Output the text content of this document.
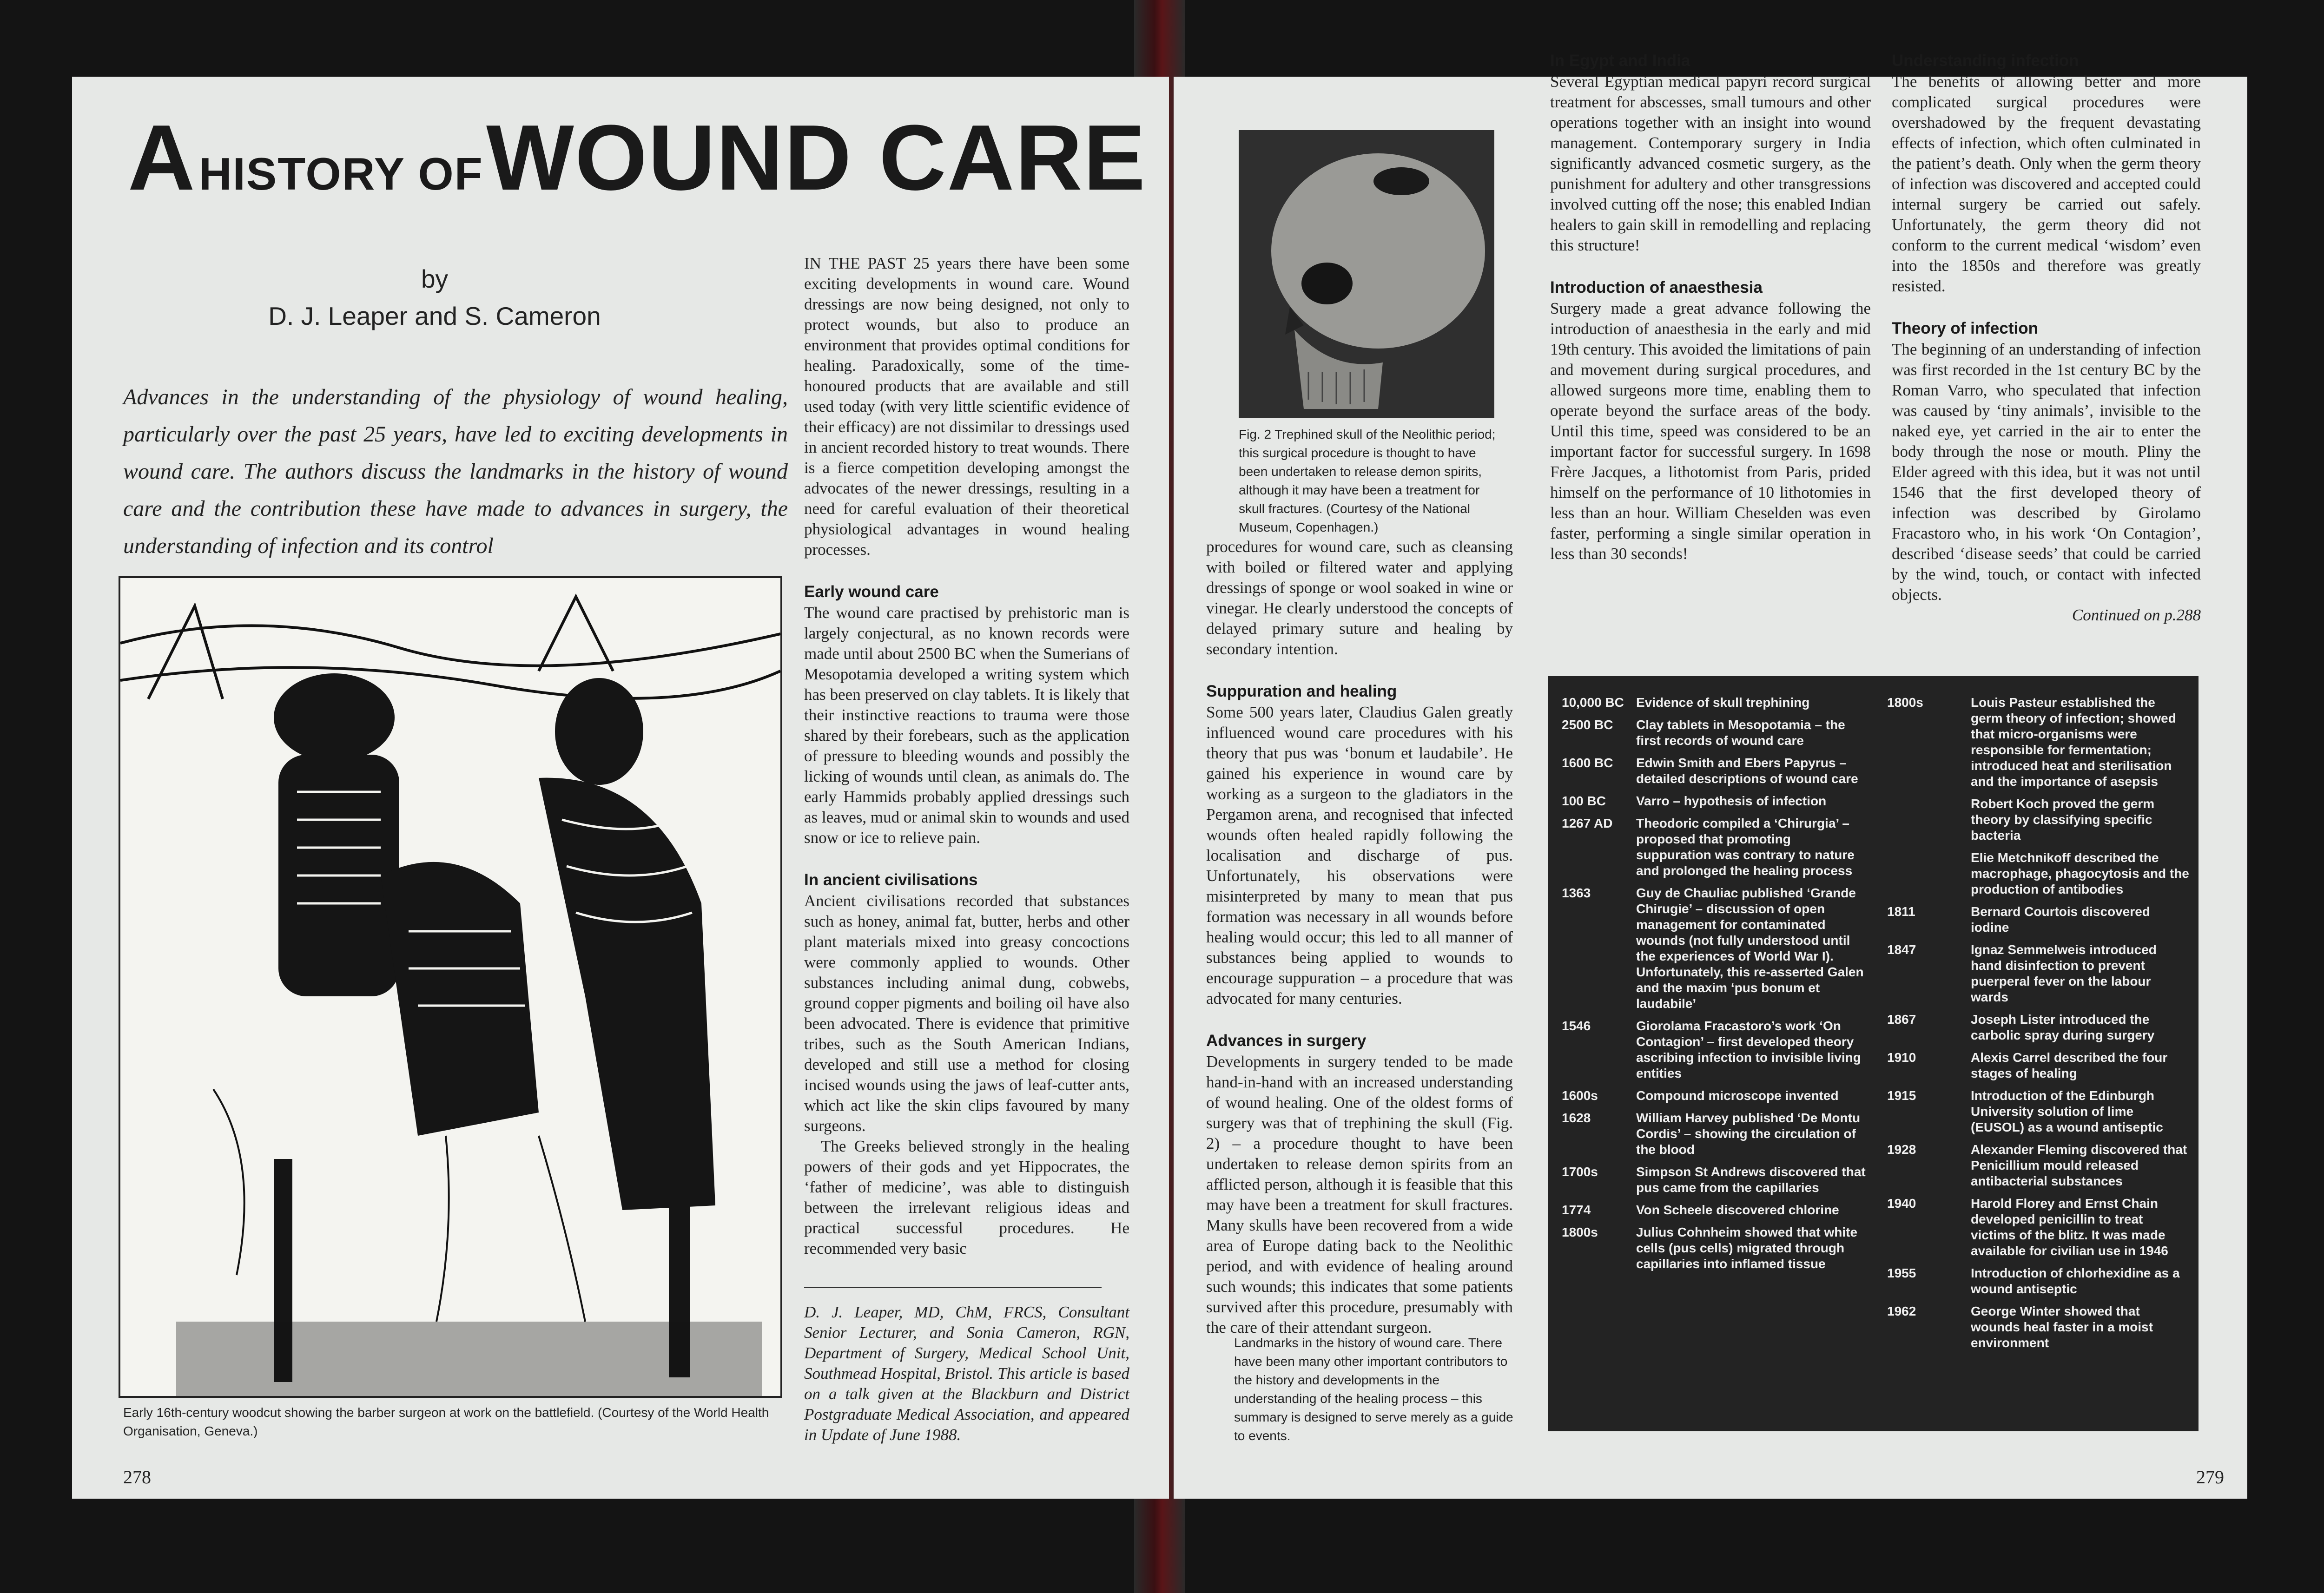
A HISTORY OF WOUND CARE
by
D. J. Leaper and S. Cameron
Advances in the understanding of the physiology of wound healing, particularly over the past 25 years, have led to exciting developments in wound care. The authors discuss the landmarks in the history of wound care and the contribution these have made to advances in surgery, the understanding of infection and its control
Early 16th-century woodcut showing the barber surgeon at work on the battlefield. (Courtesy of the World Health Organisation, Geneva.)

IN THE PAST 25 years there have been some exciting developments in wound care. Wound dressings are now being designed, not only to protect wounds, but also to produce an environment that provides optimal conditions for healing. Paradoxically, some of the time-honoured products that are available and still used today (with very little scientific evidence of their efficacy) are not dissimilar to dressings used in ancient recorded history to treat wounds. There is a fierce competition developing amongst the advocates of the newer dressings, resulting in a need for careful evaluation of their theoretical physiological advantages in wound healing processes.

Early wound care

The wound care practised by prehistoric man is largely conjectural, as no known records were made until about 2500 BC when the Sumerians of Mesopotamia developed a writing system which has been preserved on clay tablets. It is likely that their instinctive reactions to trauma were those shared by their forebears, such as the application of pressure to bleeding wounds and possibly the licking of wounds until clean, as animals do. The early Hammids probably applied dressings such as leaves, mud or animal skin to wounds and used snow or ice to relieve pain.

In ancient civilisations

Ancient civilisations recorded that substances such as honey, animal fat, butter, herbs and other plant materials mixed into greasy concoctions were commonly applied to wounds. Other substances including animal dung, cobwebs, ground copper pigments and boiling oil have also been advocated. There is evidence that primitive tribes, such as the South American Indians, developed and still use a method for closing incised wounds using the jaws of leaf-cutter ants, which act like the skin clips favoured by many surgeons.

The Greeks believed strongly in the healing powers of their gods and yet Hippocrates, the ‘father of medicine’, was able to distinguish between the irrelevant religious ideas and practical successful procedures. He recommended very basic

D. J. Leaper, MD, ChM, FRCS, Consultant Senior Lecturer, and Sonia Cameron, RGN, Department of Surgery, Medical School Unit, Southmead Hospital, Bristol. This article is based on a talk given at the Blackburn and District Postgraduate Medical Association, and appeared in Update of June 1988.

278	279
Fig. 2 Trephined skull of the Neolithic period; this surgical procedure is thought to have been undertaken to release demon spirits, although it may have been a treatment for skull fractures. (Courtesy of the National Museum, Copenhagen.)

procedures for wound care, such as cleansing with boiled or filtered water and applying dressings of sponge or wool soaked in wine or vinegar. He clearly understood the concepts of delayed primary suture and healing by secondary intention.

Suppuration and healing

Some 500 years later, Claudius Galen greatly influenced wound care procedures with his theory that pus was ‘bonum et laudabile’. He gained his experience in wound care by working as a surgeon to the gladiators in the Pergamon arena, and recognised that infected wounds often healed rapidly following the localisation and discharge of pus. Unfortunately, his observations were misinterpreted by many to mean that pus formation was necessary in all wounds before healing would occur; this led to all manner of substances being applied to wounds to encourage suppuration – a procedure that was advocated for many centuries.

Advances in surgery

Developments in surgery tended to be made hand-in-hand with an increased understanding of wound healing. One of the oldest forms of surgery was that of trephining the skull (Fig. 2) – a procedure thought to have been undertaken to release demon spirits from an afflicted person, although it is feasible that this may have been a treatment for skull fractures. Many skulls have been recovered from a wide area of Europe dating back to the Neolithic period, and with evidence of healing around such wounds; this indicates that some patients survived after this procedure, presumably with the care of their attendant surgeon.

Landmarks in the history of wound care. There have been many other important contributors to the history and developments in the understanding of the healing process – this summary is designed to serve merely as a guide to events.
In Egypt and India

Several Egyptian medical papyri record surgical treatment for abscesses, small tumours and other operations together with an insight into wound management. Contemporary surgery in India significantly advanced cosmetic surgery, as the punishment for adultery and other transgressions involved cutting off the nose; this enabled Indian healers to gain skill in remodelling and replacing this structure!

Introduction of anaesthesia

Surgery made a great advance following the introduction of anaesthesia in the early and mid 19th century. This avoided the limitations of pain and movement during surgical procedures, and allowed surgeons more time, enabling them to operate beyond the surface areas of the body. Until this time, speed was considered to be an important factor for successful surgery. In 1698 Frère Jacques, a lithotomist from Paris, prided himself on the performance of 10 lithotomies in less than an hour. William Cheselden was even faster, performing a single similar operation in less than 30 seconds!

Understanding infection

The benefits of allowing better and more complicated surgical procedures were overshadowed by the frequent devastating effects of infection, which often culminated in the patient’s death. Only when the germ theory of infection was discovered and accepted could internal surgery be carried out safely. Unfortunately, the germ theory did not conform to the current medical ‘wisdom’ even into the 1850s and therefore was greatly resisted.

Theory of infection

The beginning of an understanding of infection was first recorded in the 1st century BC by the Roman Varro, who speculated that infection was caused by ‘tiny animals’, invisible to the naked eye, yet carried in the air to enter the body through the nose or mouth. Pliny the Elder agreed with this idea, but it was not until 1546 that the first developed theory of infection was described by Girolamo Fracastoro who, in his work ‘On Contagion’, described ‘disease seeds’ that could be carried by the wind, touch, or contact with infected objects.

Continued on p.288

10,000 BC Evidence of skull trephining
2500 BC	Clay tablets in Mesopotamia – the first records of wound care
1600 BC	Edwin Smith and Ebers Papyrus – detailed descriptions of wound care
100 BC	Varro – hypothesis of infection
1267 AD	Theodoric compiled a ‘Chirurgia’ – proposed that promoting suppuration was contrary to nature and prolonged the healing process
1363	Guy de Chauliac published ‘Grande Chirugie’ – discussion of open management for contaminated wounds (not fully understood until the experiences of World War I). Unfortunately, this re-asserted Galen and the maxim ‘pus bonum et laudabile’
1546	Giorolama Fracastoro’s work ‘On Contagion’ – first developed theory ascribing infection to invisible living entities
1600s	Compound microscope invented
1628	William Harvey published ‘De Montu Cordis’ – showing the circulation of the blood
1700s	Simpson St Andrews discovered that pus came from the capillaries
1774	Von Scheele discovered chlorine
1800s	Julius Cohnheim showed that white cells (pus cells) migrated through capillaries into inflamed tissue
1800s	Louis Pasteur established the germ theory of infection; showed that micro-organisms were responsible for fermentation; introduced heat and sterilisation and the importance of asepsis
Robert Koch proved the germ theory by classifying specific bacteria
Elie Metchnikoff described the macrophage, phagocytosis and the production of antibodies
1811	Bernard Courtois discovered iodine
1847	Ignaz Semmelweis introduced hand disinfection to prevent puerperal fever on the labour wards
1867	Joseph Lister introduced the carbolic spray during surgery
1910	Alexis Carrel described the four stages of healing
1915	Introduction of the Edinburgh University solution of lime (EUSOL) as a wound antiseptic
1928	Alexander Fleming discovered that Penicillium mould released antibacterial substances
1940	Harold Florey and Ernst Chain developed penicillin to treat victims of the blitz. It was made available for civilian use in 1946
1955	Introduction of chlorhexidine as a wound antiseptic
1962	George Winter showed that wounds heal faster in a moist environment
